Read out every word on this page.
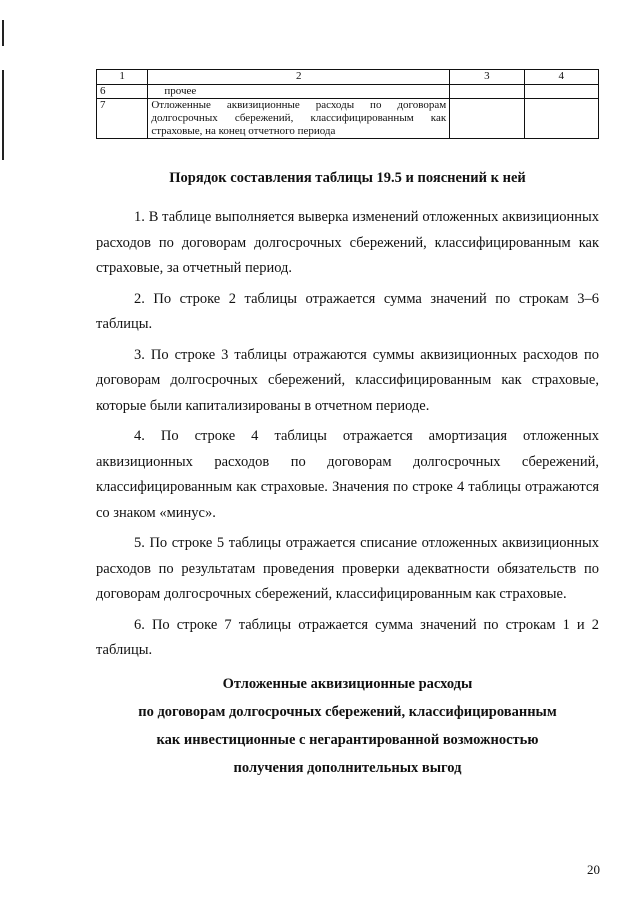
1	2	3	4
6	прочее		
7	Отложенные аквизиционные расходы по договорам долгосрочных сбережений, классифицированным как страховые, на конец отчетного периода		
Порядок составления таблицы 19.5 и пояснений к ней

1. В таблице выполняется выверка изменений отложенных аквизиционных расходов по договорам долгосрочных сбережений, классифицированным как страховые, за отчетный период.

2. По строке 2 таблицы отражается сумма значений по строкам 3–6 таблицы.

3. По строке 3 таблицы отражаются суммы аквизиционных расходов по договорам долгосрочных сбережений, классифицированным как страховые, которые были капитализированы в отчетном периоде.

4. По строке 4 таблицы отражается амортизация отложенных аквизиционных расходов по договорам долгосрочных сбережений, классифицированным как страховые. Значения по строке 4 таблицы отражаются со знаком «минус».

5. По строке 5 таблицы отражается списание отложенных аквизиционных расходов по результатам проведения проверки адекватности обязательств по договорам долгосрочных сбережений, классифицированным как страховые.

6. По строке 7 таблицы отражается сумма значений по строкам 1 и 2 таблицы.

Отложенные аквизиционные расходы
по договорам долгосрочных сбережений, классифицированным
как инвестиционные с негарантированной возможностью
получения дополнительных выгод
20
